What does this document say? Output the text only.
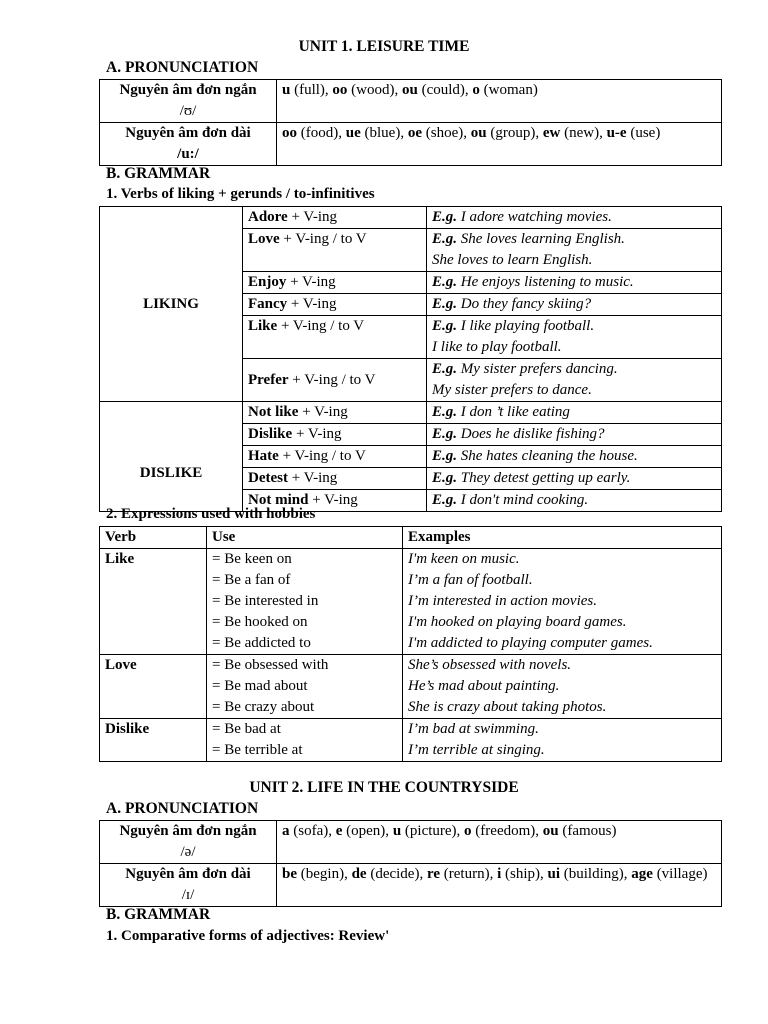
UNIT 1. LEISURE TIME
A. PRONUNCIATION
Nguyên âm đơn ngắn
/ʊ/	u (full), oo (wood), ou (could), o (woman)

Nguyên âm đơn dài
/u:/	oo (food), ue (blue), oe (shoe), ou (group), ew (new), u-e (use)
B. GRAMMAR
1. Verbs of liking + gerunds / to-infinitives
LIKING	Adore + V-ing	E.g. I adore watching movies.
	Love + V-ing / to V	E.g. She loves learning English.
She loves to learn English.

	Enjoy + V-ing	E.g. He enjoys listening to music.
	Fancy + V-ing	E.g. Do they fancy skiing?
	Like + V-ing / to V	E.g. I like playing football.
I like to play football.

	Prefer + V-ing / to V	E.g. My sister prefers dancing.
My sister prefers to dance.

DISLIKE	Not like + V-ing	E.g. I don ’t like eating
	Dislike + V-ing	E.g. Does he dislike fishing?
	Hate + V-ing / to V	E.g. She hates cleaning the house.
	Detest + V-ing	E.g. They detest getting up early.
	Not mind + V-ing	E.g. I don't mind cooking.
2. Expressions used with hobbies
Verb	Use	Examples
Like	= Be keen on
= Be a fan of
= Be interested in
= Be hooked on
= Be addicted to	I'm keen on music.
I’m a fan of football.
I’m interested in action movies.
I'm hooked on playing board games.
I'm addicted to playing computer games.

Love	= Be obsessed with
= Be mad about
= Be crazy about	She’s obsessed with novels.
He’s mad about painting.
She is crazy about taking photos.

Dislike	= Be bad at
= Be terrible at	I’m bad at swimming.
I’m terrible at singing.
UNIT 2. LIFE IN THE COUNTRYSIDE
A. PRONUNCIATION
Nguyên âm đơn ngắn
/ə/	a (sofa), e (open), u (picture), o (freedom), ou (famous)

Nguyên âm đơn dài
/ɪ/	be (begin), de (decide), re (return), i (ship), ui (building), age (village)
B. GRAMMAR
1. Comparative forms of adjectives: Review'
